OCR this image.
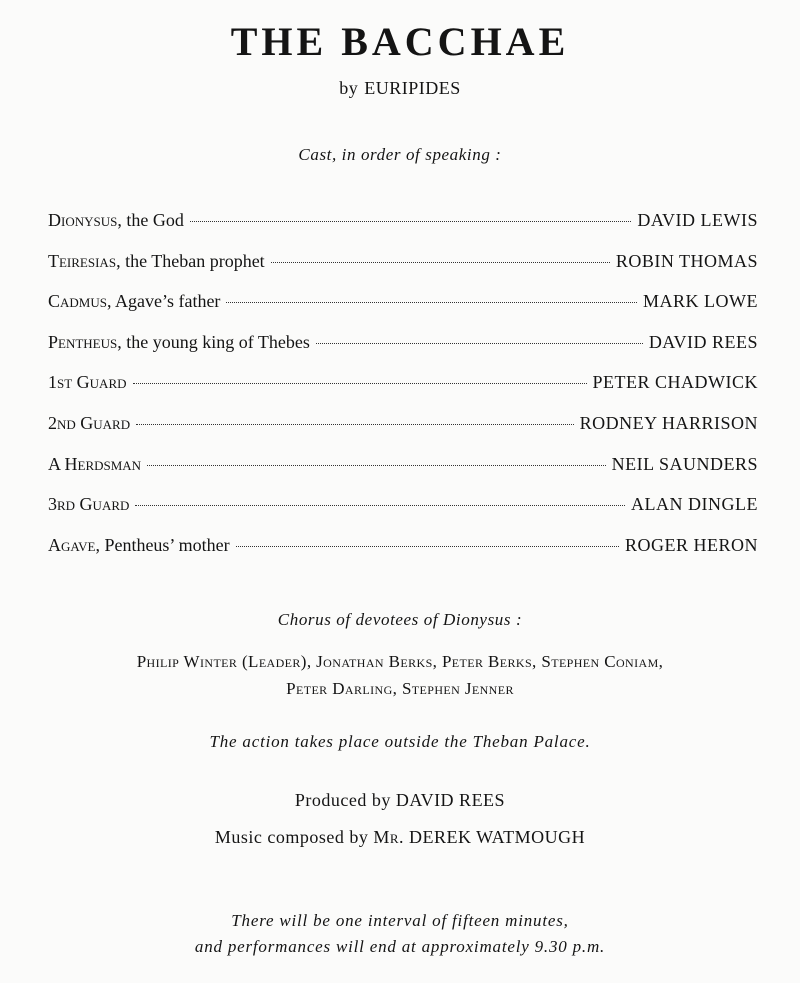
THE BACCHAE
by EURIPIDES
Cast, in order of speaking :
Dionysus, the God	DAVID LEWIS
Teiresias, the Theban prophet	ROBIN THOMAS
Cadmus, Agave’s father	MARK LOWE
Pentheus, the young king of Thebes	DAVID REES
1st Guard	PETER CHADWICK
2nd Guard	RODNEY HARRISON
A Herdsman	NEIL SAUNDERS
3rd Guard	ALAN DINGLE
Agave, Pentheus’ mother	ROGER HERON
Chorus of devotees of Dionysus :
Philip Winter (Leader), Jonathan Berks, Peter Berks, Stephen Coniam,
Peter Darling, Stephen Jenner
The action takes place outside the Theban Palace.
Produced by DAVID REES
Music composed by Mr. DEREK WATMOUGH
There will be one interval of fifteen minutes,
and performances will end at approximately 9.30 p.m.
